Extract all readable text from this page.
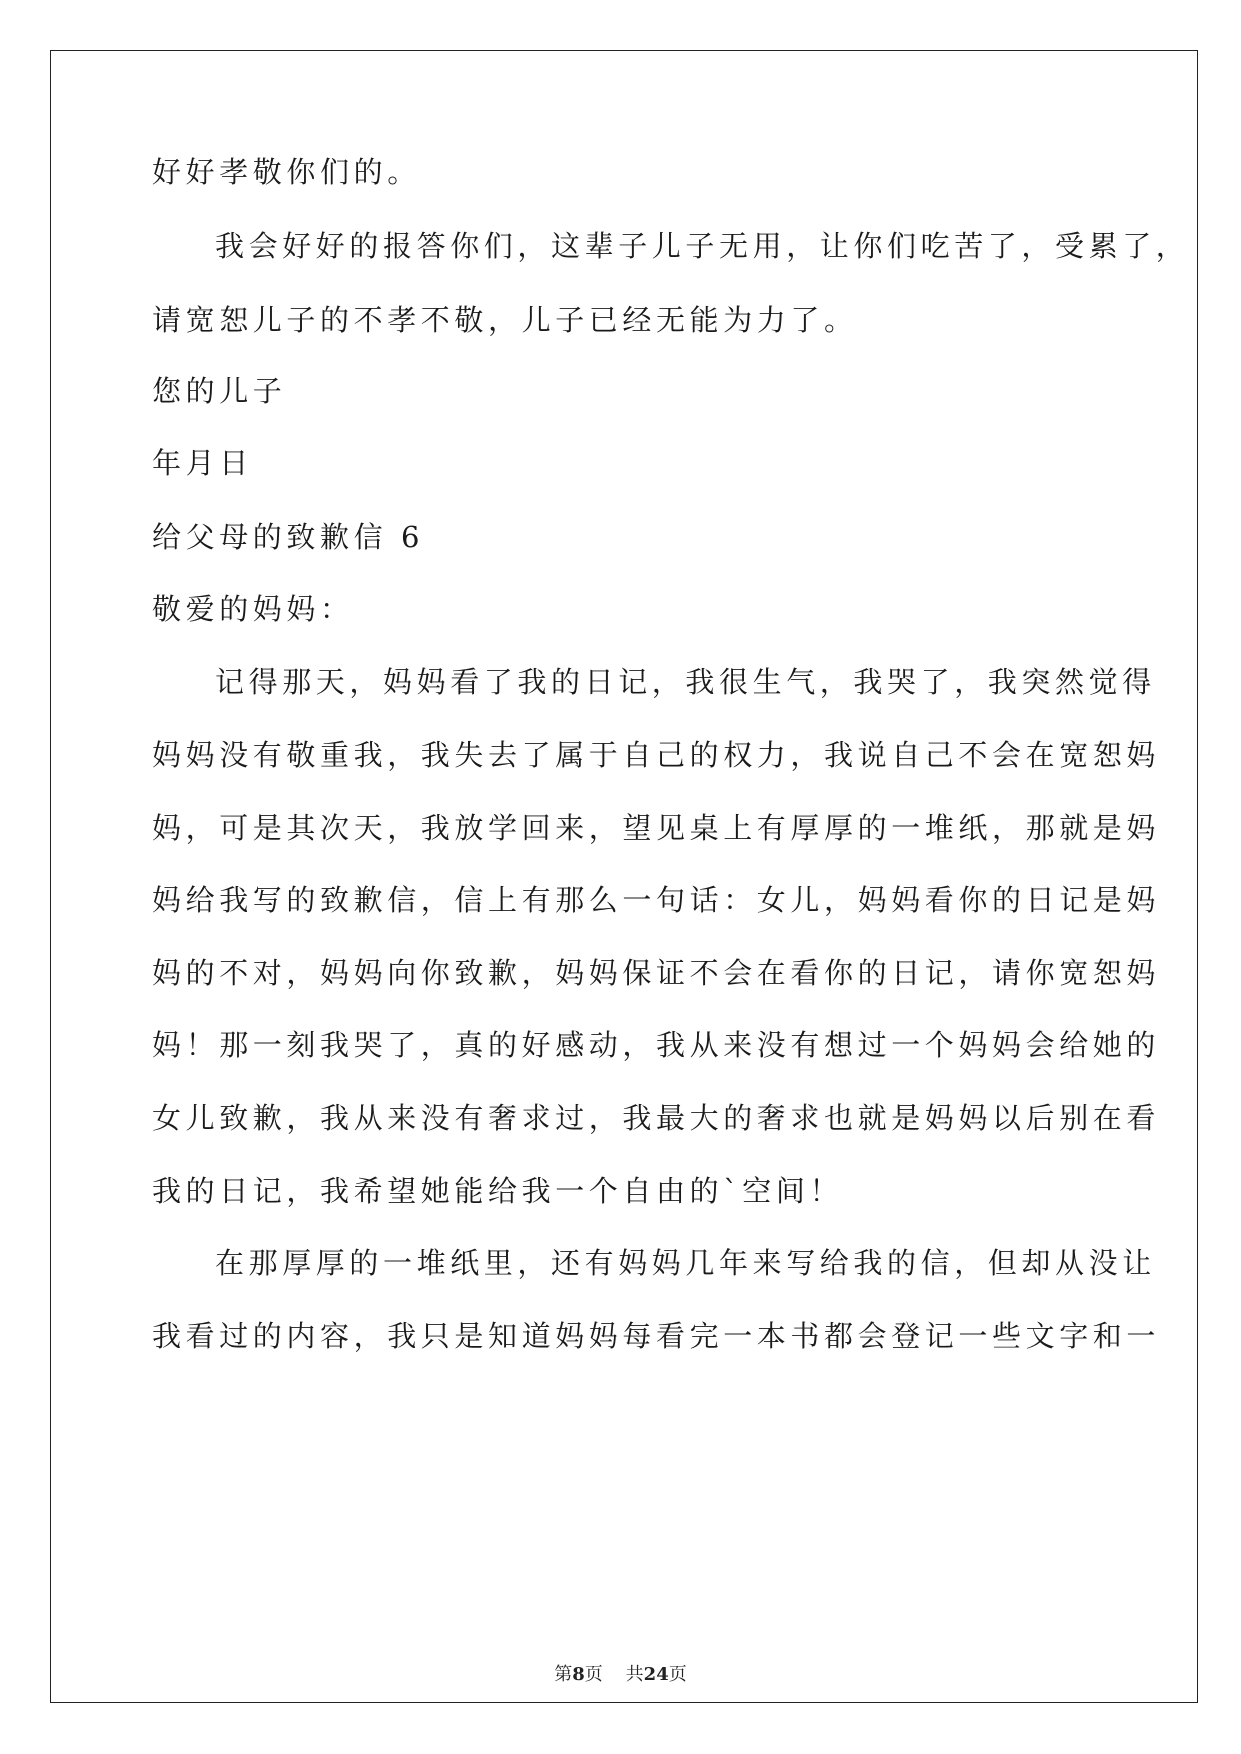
好好孝敬你们的。
我会好好的报答你们，这辈子儿子无用，让你们吃苦了，受累了，
请宽恕儿子的不孝不敬，儿子已经无能为力了。
您的儿子
年月日
给父母的致歉信 6
敬爱的妈妈：
记得那天，妈妈看了我的日记，我很生气，我哭了，我突然觉得
妈妈没有敬重我，我失去了属于自己的权力，我说自己不会在宽恕妈
妈，可是其次天，我放学回来，望见桌上有厚厚的一堆纸，那就是妈
妈给我写的致歉信，信上有那么一句话：女儿，妈妈看你的日记是妈
妈的不对，妈妈向你致歉，妈妈保证不会在看你的日记，请你宽恕妈
妈！那一刻我哭了，真的好感动，我从来没有想过一个妈妈会给她的
女儿致歉，我从来没有奢求过，我最大的奢求也就是妈妈以后别在看
我的日记，我希望她能给我一个自由的`空间！
在那厚厚的一堆纸里，还有妈妈几年来写给我的信，但却从没让
我看过的内容，我只是知道妈妈每看完一本书都会登记一些文字和一
第8页 共24页
